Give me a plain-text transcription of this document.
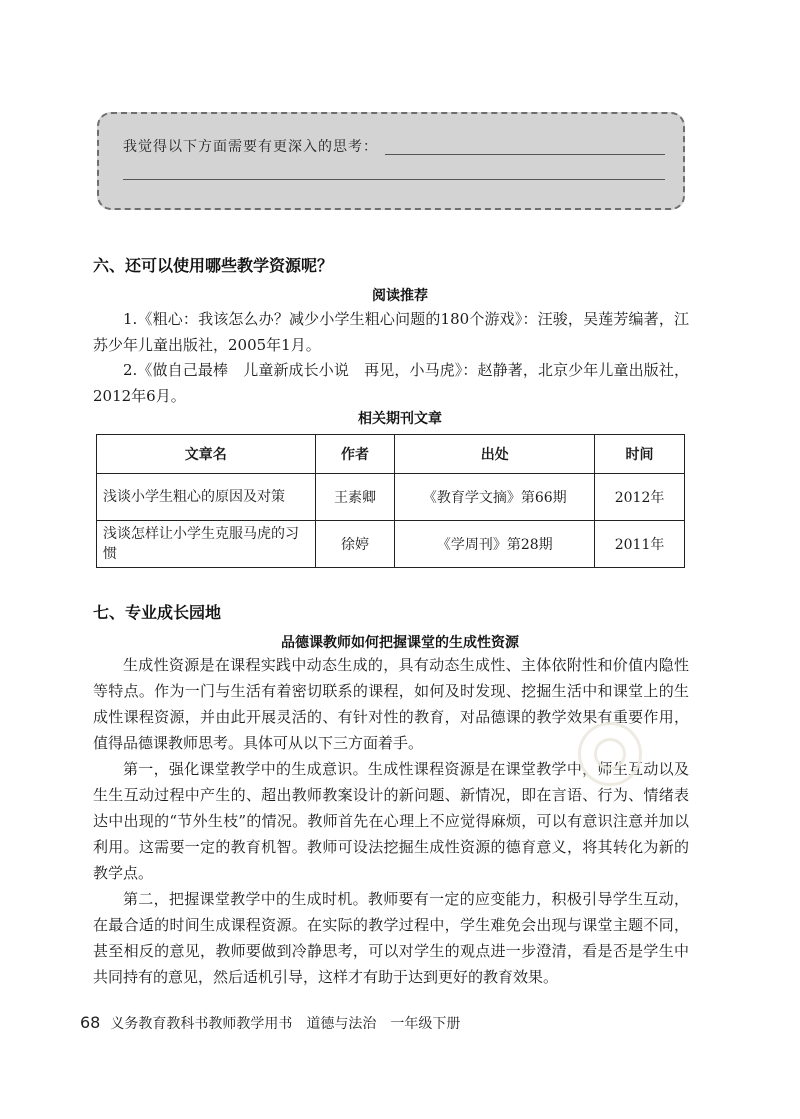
我觉得以下方面需要有更深入的思考：
六、还可以使用哪些教学资源呢？
阅读推荐

1.《粗心：我该怎么办？减少小学生粗心问题的180个游戏》：汪骏，吴莲芳编著，江苏少年儿童出版社，2005年1月。

2.《做自己最棒　儿童新成长小说　再见，小马虎》：赵静著，北京少年儿童出版社，2012年6月。

相关期刊文章
文章名	作者	出处	时间
浅谈小学生粗心的原因及对策	王素卿	《教育学文摘》第66期	2012年
浅谈怎样让小学生克服马虎的习惯	徐婷	《学周刊》第28期	2011年
七、专业成长园地
品德课教师如何把握课堂的生成性资源

生成性资源是在课程实践中动态生成的，具有动态生成性、主体依附性和价值内隐性等特点。作为一门与生活有着密切联系的课程，如何及时发现、挖掘生活中和课堂上的生成性课程资源，并由此开展灵活的、有针对性的教育，对品德课的教学效果有重要作用，值得品德课教师思考。具体可从以下三方面着手。

第一，强化课堂教学中的生成意识。生成性课程资源是在课堂教学中，师生互动以及生生互动过程中产生的、超出教师教案设计的新问题、新情况，即在言语、行为、情绪表达中出现的“节外生枝”的情况。教师首先在心理上不应觉得麻烦，可以有意识注意并加以利用。这需要一定的教育机智。教师可设法挖掘生成性资源的德育意义，将其转化为新的教学点。

第二，把握课堂教学中的生成时机。教师要有一定的应变能力，积极引导学生互动，在最合适的时间生成课程资源。在实际的教学过程中，学生难免会出现与课堂主题不同，甚至相反的意见，教师要做到冷静思考，可以对学生的观点进一步澄清，看是否是学生中共同持有的意见，然后适机引导，这样才有助于达到更好的教育效果。

68 义务教育教科书教师教学用书　道德与法治　一年级下册
